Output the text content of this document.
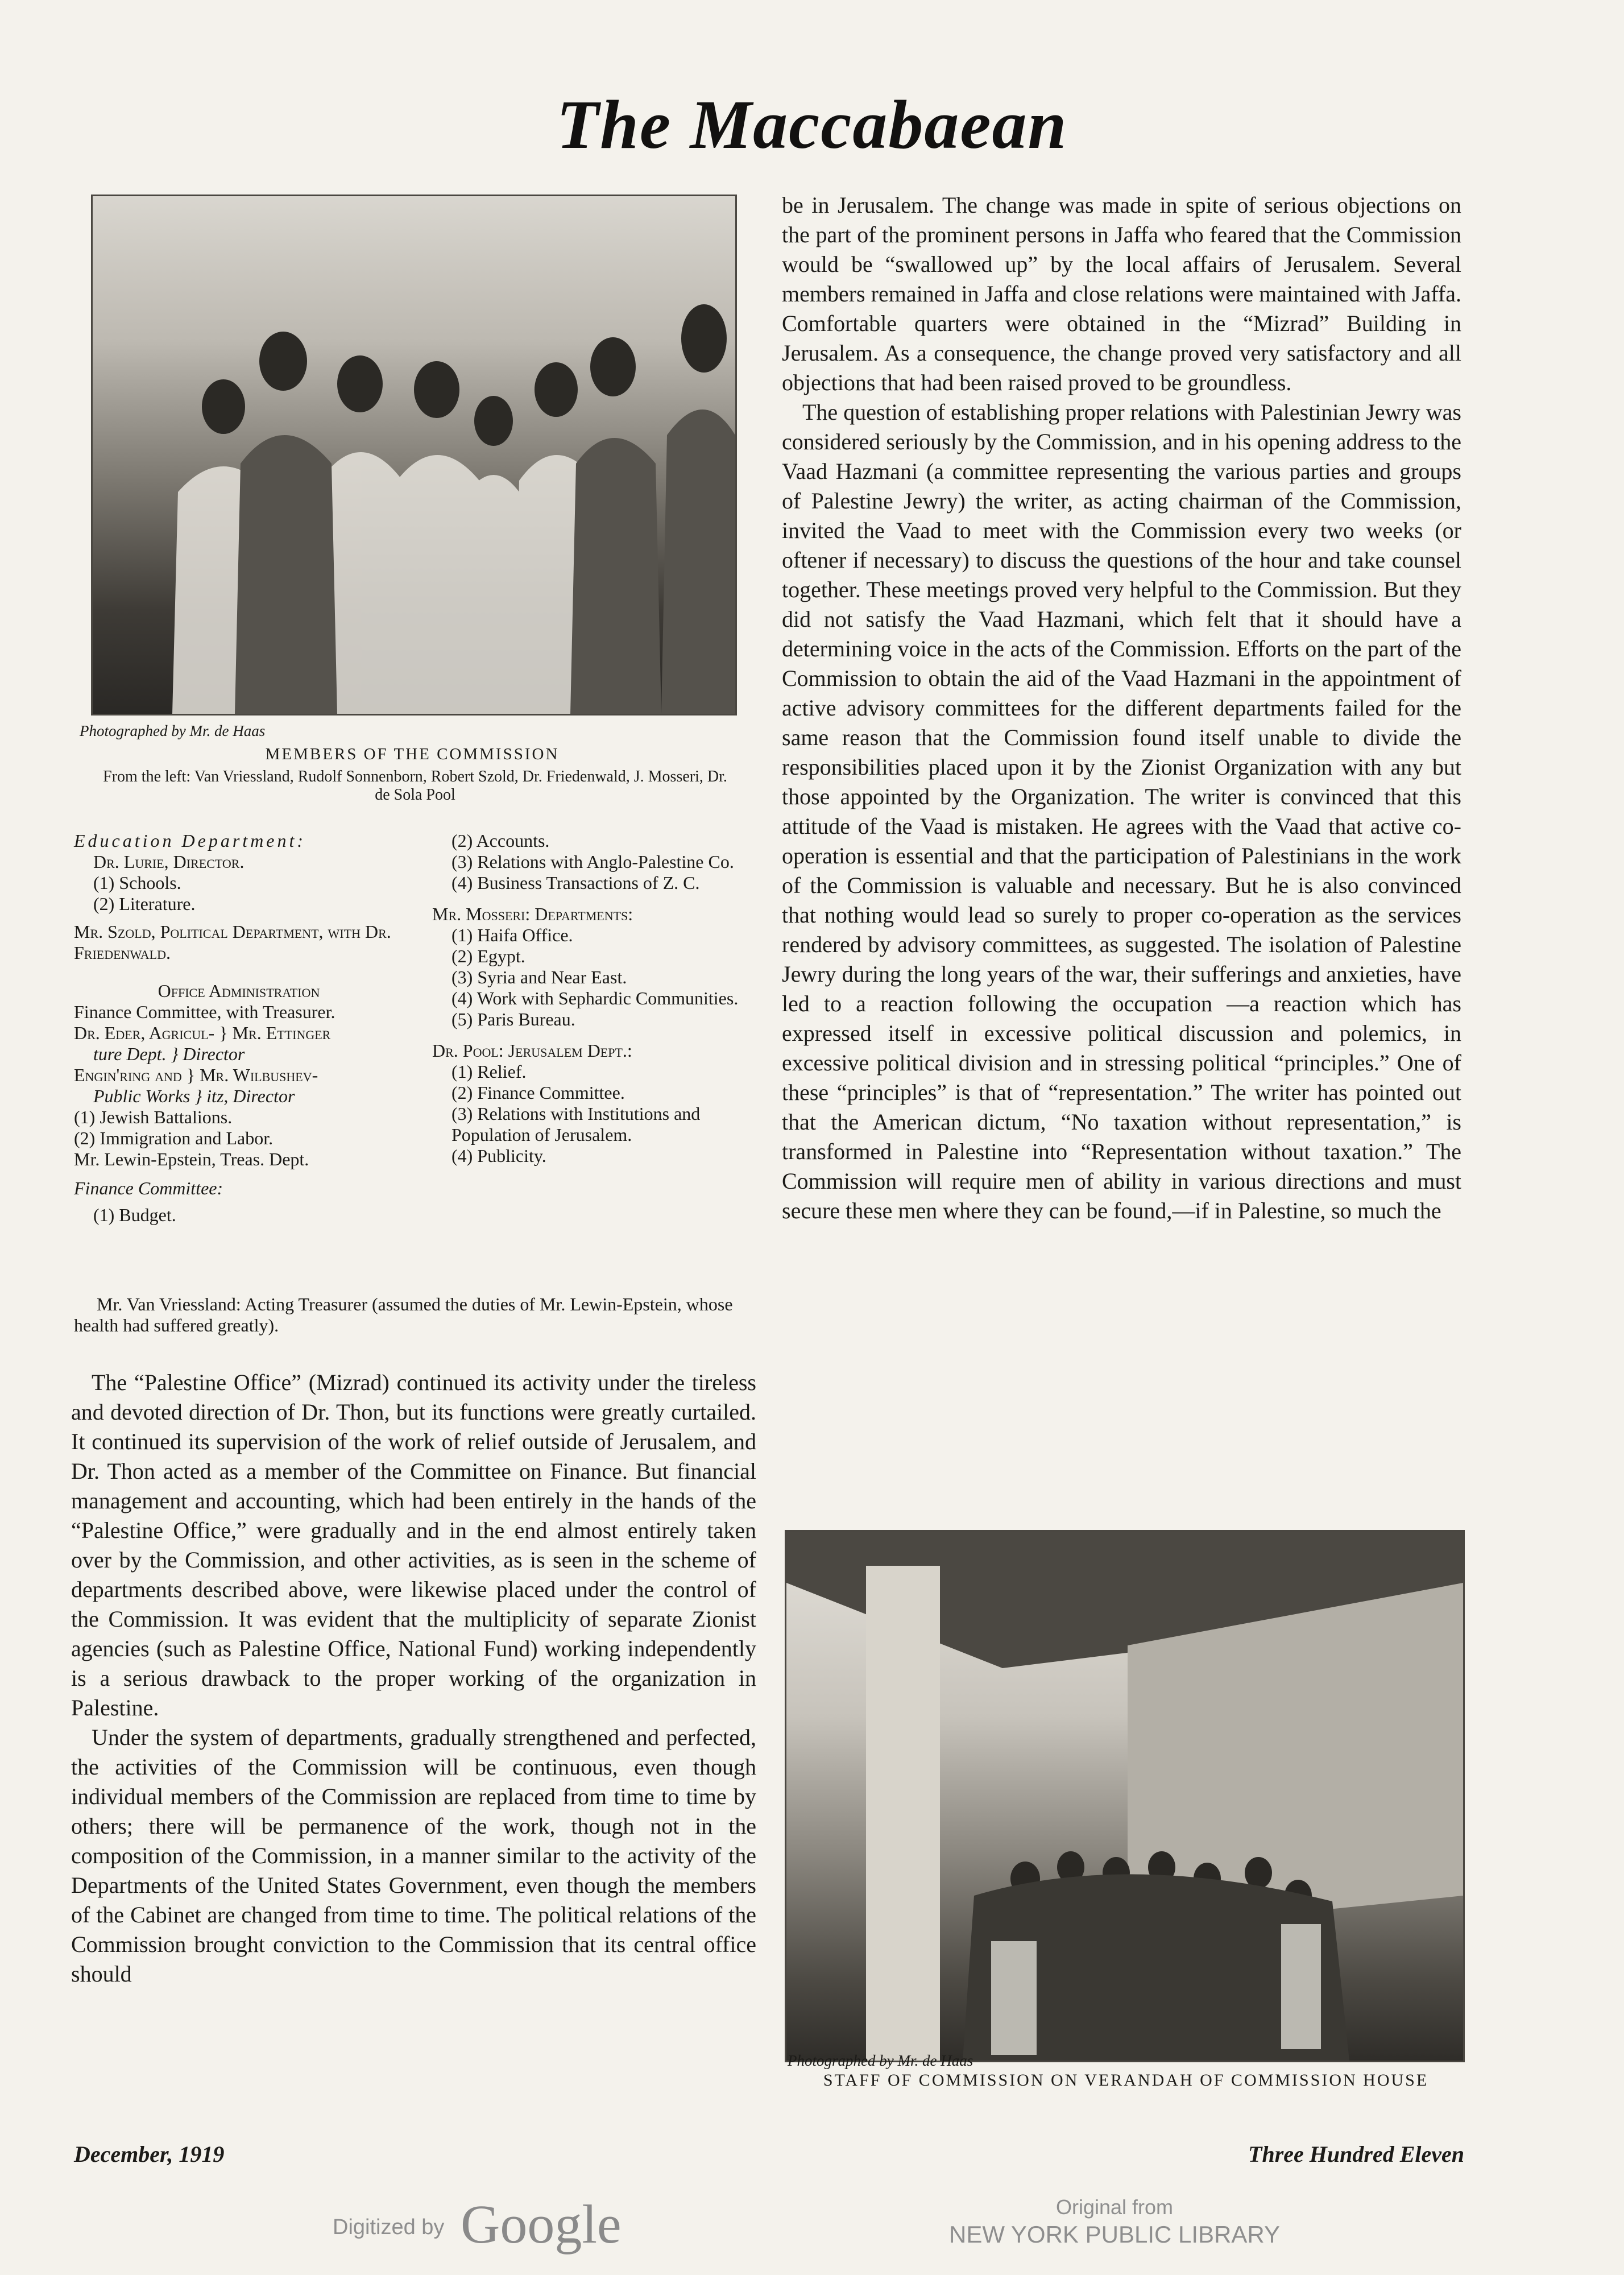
The Maccabaean
Photographed by Mr. de Haas
MEMBERS OF THE COMMISSION
From the left: Van Vriessland, Rudolf Sonnenborn, Robert Szold, Dr. Friedenwald, J. Mosseri, Dr. de Sola Pool

Education Department:

Dr. Lurie, Director.

(1) Schools.

(2) Literature.

Mr. Szold, Political Department, with Dr. Friedenwald.

Office Administration

Finance Committee, with Treasurer.

Dr. Eder, Agricul- } Mr. Ettinger

ture Dept. } Director

Engin'ring and } Mr. Wilbushev-

Public Works } itz, Director

(1) Jewish Battalions.

(2) Immigration and Labor.

Mr. Lewin-Epstein, Treas. Dept.

Finance Committee:

(1) Budget.

(2) Accounts.

(3) Relations with Anglo-Palestine Co.

(4) Business Transactions of Z. C.

Mr. Mosseri: Departments:

(1) Haifa Office.

(2) Egypt.

(3) Syria and Near East.

(4) Work with Sephardic Communities.

(5) Paris Bureau.

Dr. Pool: Jerusalem Dept.:

(1) Relief.

(2) Finance Committee.

(3) Relations with Institutions and Population of Jerusalem.

(4) Publicity.

Mr. Van Vriessland: Acting Treasurer (assumed the duties of Mr. Lewin-Epstein, whose health had suffered greatly).

The “Palestine Office” (Mizrad) continued its activity under the tireless and devoted direction of Dr. Thon, but its functions were greatly curtailed. It continued its supervision of the work of relief outside of Jerusalem, and Dr. Thon acted as a member of the Committee on Finance. But financial management and accounting, which had been entirely in the hands of the “Palestine Office,” were gradually and in the end almost entirely taken over by the Commission, and other activities, as is seen in the scheme of departments described above, were likewise placed under the control of the Commission. It was evident that the multiplicity of separate Zionist agencies (such as Palestine Office, National Fund) working independently is a serious drawback to the proper working of the organization in Palestine.

Under the system of departments, gradually strengthened and perfected, the activities of the Commission will be continuous, even though individual members of the Commission are replaced from time to time by others; there will be permanence of the work, though not in the composition of the Commission, in a manner similar to the activity of the Departments of the United States Government, even though the members of the Cabinet are changed from time to time. The political relations of the Commission brought conviction to the Commission that its central office should

be in Jerusalem. The change was made in spite of serious objections on the part of the prominent persons in Jaffa who feared that the Commission would be “swallowed up” by the local affairs of Jerusalem. Several members remained in Jaffa and close relations were maintained with Jaffa. Comfortable quarters were obtained in the “Mizrad” Building in Jerusalem. As a consequence, the change proved very satisfactory and all objections that had been raised proved to be groundless.

The question of establishing proper relations with Palestinian Jewry was considered seriously by the Commission, and in his opening address to the Vaad Hazmani (a committee representing the various parties and groups of Palestine Jewry) the writer, as acting chairman of the Commission, invited the Vaad to meet with the Commission every two weeks (or oftener if necessary) to discuss the questions of the hour and take counsel together. These meetings proved very helpful to the Commission. But they did not satisfy the Vaad Hazmani, which felt that it should have a determining voice in the acts of the Commission. Efforts on the part of the Commission to obtain the aid of the Vaad Hazmani in the appointment of active advisory committees for the different departments failed for the same reason that the Commission found itself unable to divide the responsibilities placed upon it by the Zionist Organization with any but those appointed by the Organization. The writer is convinced that this attitude of the Vaad is mistaken. He agrees with the Vaad that active co-operation is essential and that the participation of Palestinians in the work of the Commission is valuable and necessary. But he is also convinced that nothing would lead so surely to proper co-operation as the services rendered by advisory committees, as suggested. The isolation of Palestine Jewry during the long years of the war, their sufferings and anxieties, have led to a reaction following the occupation —a reaction which has expressed itself in excessive political discussion and polemics, in excessive political division and in stressing political “principles.” One of these “principles” is that of “representation.” The writer has pointed out that the American dictum, “No taxation without representation,” is transformed in Palestine into “Representation without taxation.” The Commission will require men of ability in various directions and must secure these men where they can be found,—if in Palestine, so much the

Photographed by Mr. de Haas
STAFF OF COMMISSION ON VERANDAH OF COMMISSION HOUSE
December, 1919	Three Hundred Eleven
Digitized by Google	Original from
NEW YORK PUBLIC LIBRARY
